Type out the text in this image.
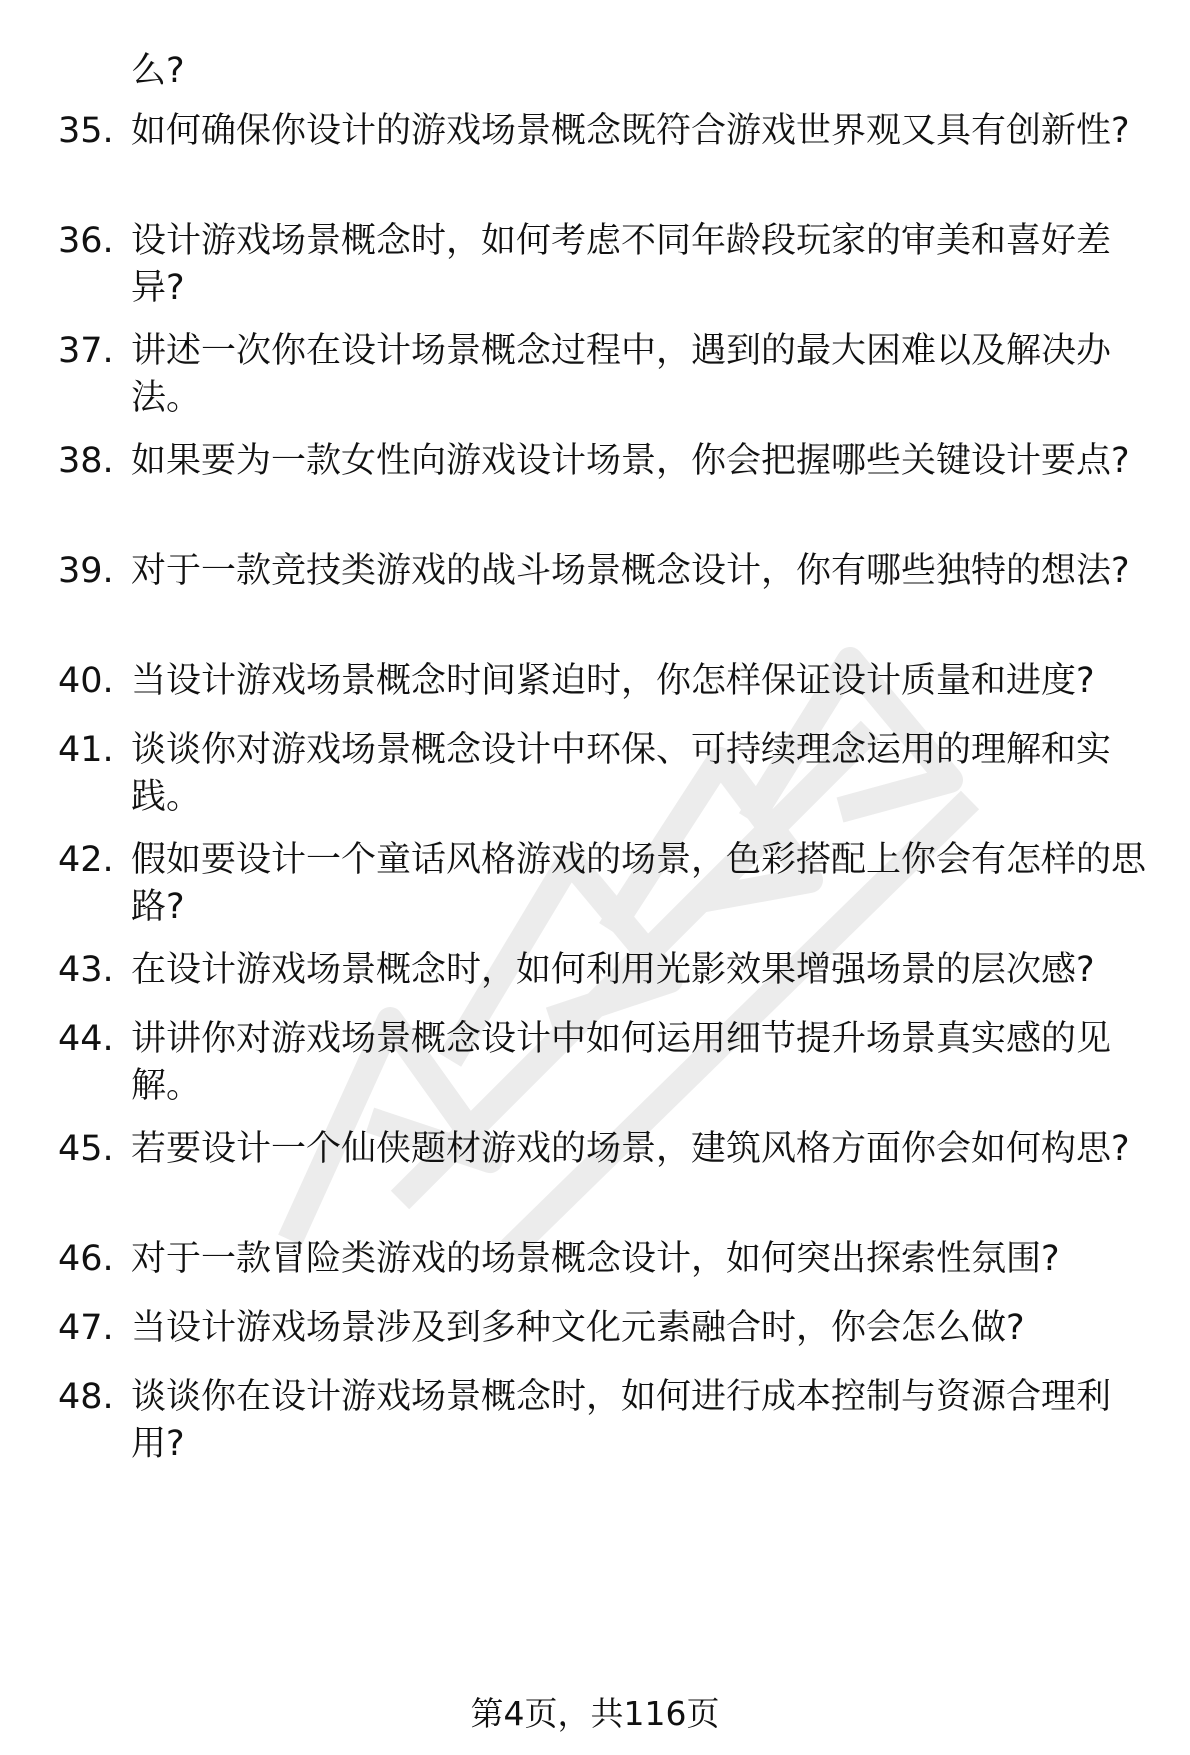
么?
35. 如何确保你设计的游戏场景概念既符合游戏世界观又具有创新性?
36. 设计游戏场景概念时，如何考虑不同年龄段玩家的审美和喜好差异?
37. 讲述一次你在设计场景概念过程中，遇到的最大困难以及解决办法。
38. 如果要为一款女性向游戏设计场景，你会把握哪些关键设计要点?
39. 对于一款竞技类游戏的战斗场景概念设计，你有哪些独特的想法?
40. 当设计游戏场景概念时间紧迫时，你怎样保证设计质量和进度?
41. 谈谈你对游戏场景概念设计中环保、可持续理念运用的理解和实践。
42. 假如要设计一个童话风格游戏的场景，色彩搭配上你会有怎样的思路?
43. 在设计游戏场景概念时，如何利用光影效果增强场景的层次感?
44. 讲讲你对游戏场景概念设计中如何运用细节提升场景真实感的见解。
45. 若要设计一个仙侠题材游戏的场景，建筑风格方面你会如何构思?
46. 对于一款冒险类游戏的场景概念设计，如何突出探索性氛围?
47. 当设计游戏场景涉及到多种文化元素融合时，你会怎么做?
48. 谈谈你在设计游戏场景概念时，如何进行成本控制与资源合理利用?
第4页，共116页
